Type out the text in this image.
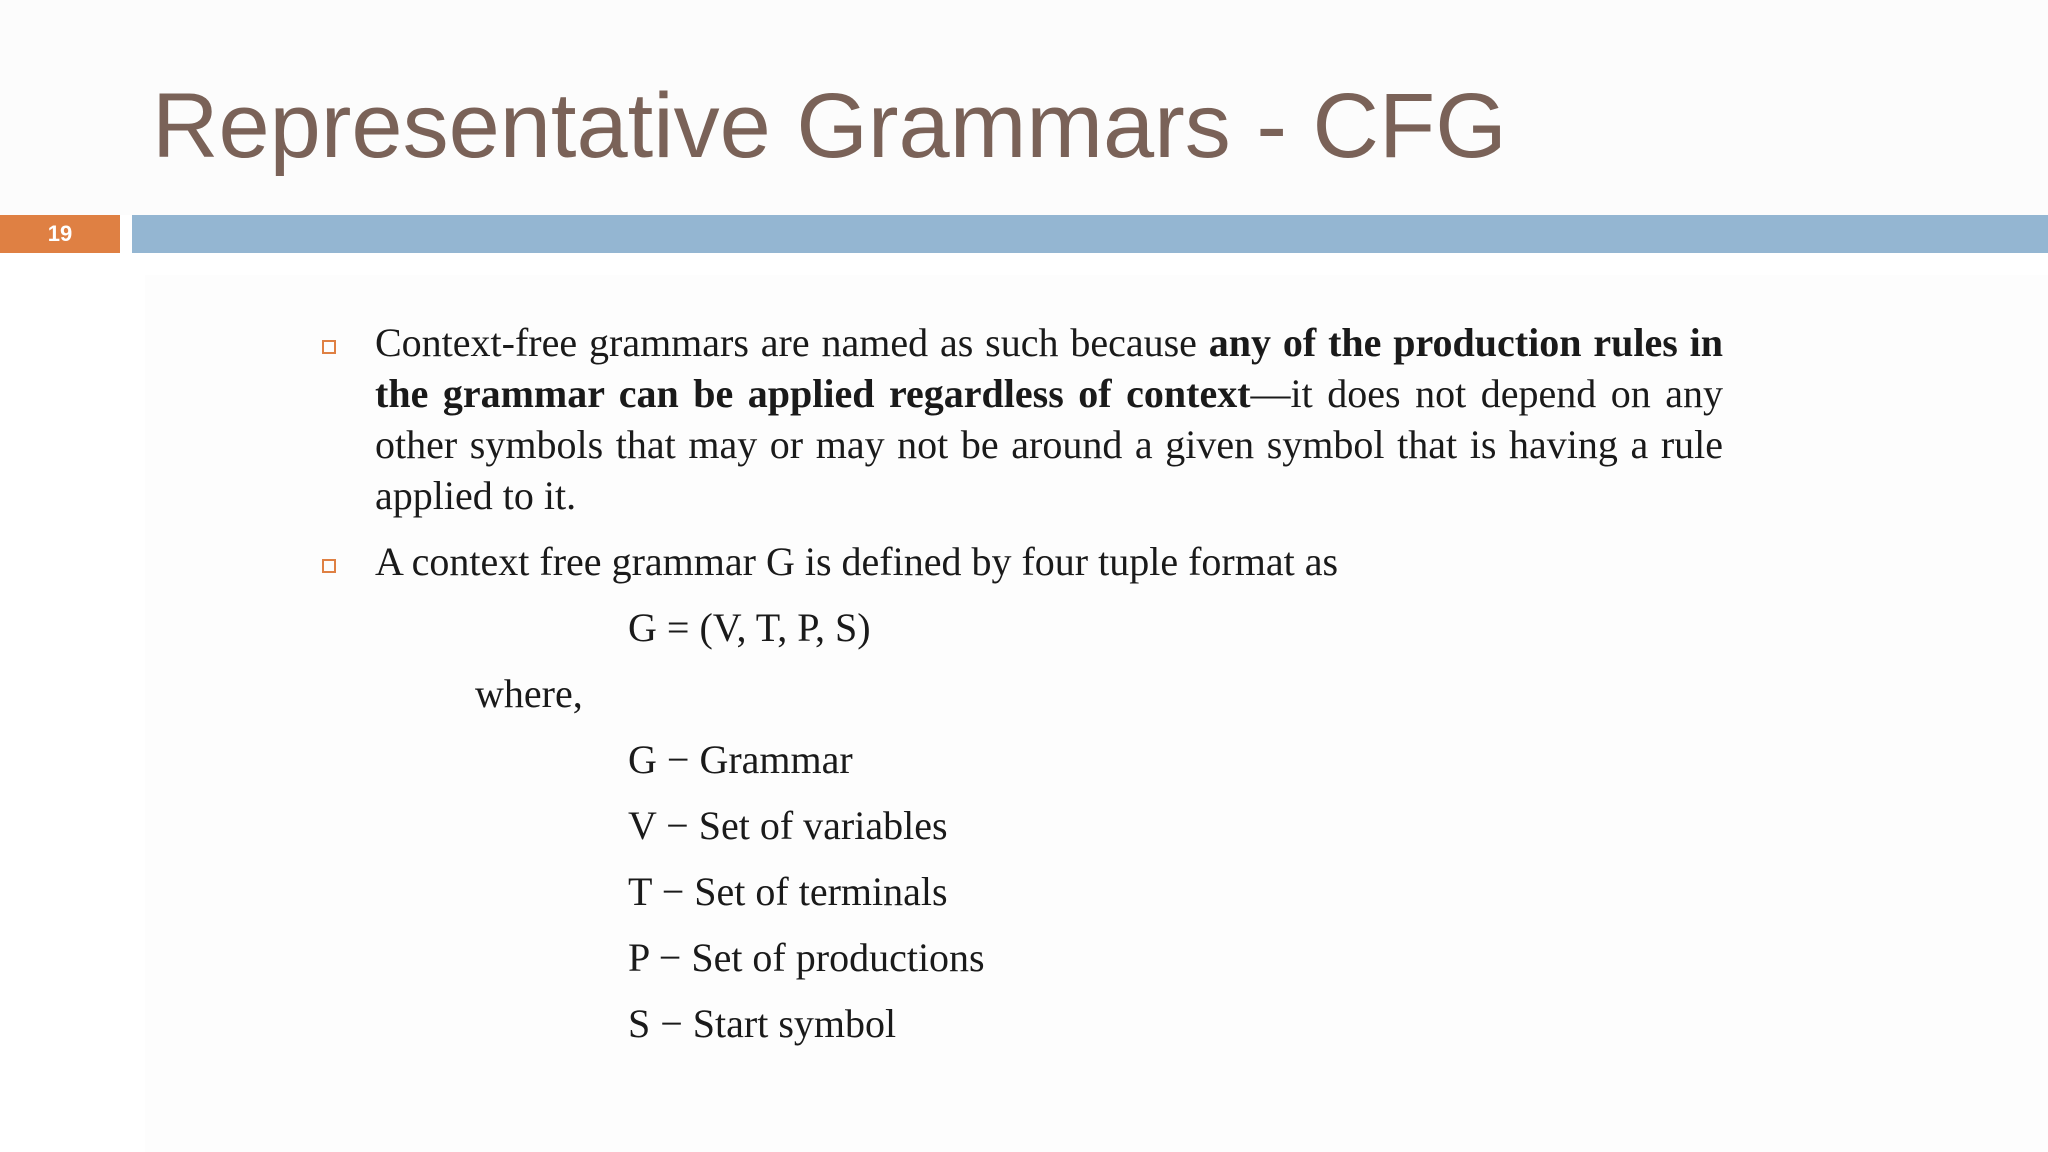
Representative Grammars - CFG
19

Context-free grammars are named as such because any of the production rules in the grammar can be applied regardless of context—it does not depend on any other symbols that may or may not be around a given symbol that is having a rule applied to it.

A context free grammar G is defined by four tuple format as

G = (V, T, P, S)

where,

G − Grammar

V − Set of variables

T − Set of terminals

P − Set of productions

S − Start symbol
